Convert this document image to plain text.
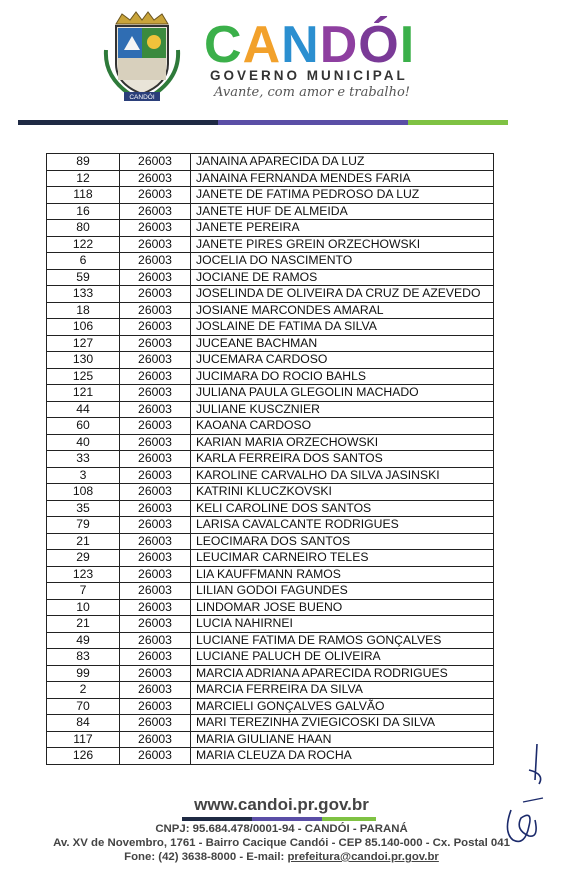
CANDÓI
CANDÓI
GOVERNO MUNICIPAL
Avante, com amor e trabalho!
89	26003	JANAINA APARECIDA DA LUZ
12	26003	JANAINA FERNANDA MENDES FARIA
118	26003	JANETE DE FATIMA PEDROSO DA LUZ
16	26003	JANETE HUF DE ALMEIDA
80	26003	JANETE PEREIRA
122	26003	JANETE PIRES GREIN ORZECHOWSKI
6	26003	JOCELIA DO NASCIMENTO
59	26003	JOCIANE DE RAMOS
133	26003	JOSELINDA DE OLIVEIRA DA CRUZ DE AZEVEDO
18	26003	JOSIANE MARCONDES AMARAL
106	26003	JOSLAINE DE FATIMA DA SILVA
127	26003	JUCEANE BACHMAN
130	26003	JUCEMARA CARDOSO
125	26003	JUCIMARA DO ROCIO BAHLS
121	26003	JULIANA PAULA GLEGOLIN MACHADO
44	26003	JULIANE KUSCZNIER
60	26003	KAOANA CARDOSO
40	26003	KARIAN MARIA ORZECHOWSKI
33	26003	KARLA FERREIRA DOS SANTOS
3	26003	KAROLINE CARVALHO DA SILVA JASINSKI
108	26003	KATRINI KLUCZKOVSKI
35	26003	KELI CAROLINE DOS SANTOS
79	26003	LARISA CAVALCANTE RODRIGUES
21	26003	LEOCIMARA DOS SANTOS
29	26003	LEUCIMAR CARNEIRO TELES
123	26003	LIA KAUFFMANN RAMOS
7	26003	LILIAN GODOI FAGUNDES
10	26003	LINDOMAR JOSE BUENO
21	26003	LUCIA NAHIRNEI
49	26003	LUCIANE FATIMA DE RAMOS GONÇALVES
83	26003	LUCIANE PALUCH DE OLIVEIRA
99	26003	MARCIA ADRIANA APARECIDA RODRIGUES
2	26003	MARCIA FERREIRA DA SILVA
70	26003	MARCIELI GONÇALVES GALVÃO
84	26003	MARI TEREZINHA ZVIEGICOSKI DA SILVA
117	26003	MARIA GIULIANE HAAN
126	26003	MARIA CLEUZA DA ROCHA
www.candoi.pr.gov.br
CNPJ: 95.684.478/0001-94 - CANDÓI - PARANÁ
Av. XV de Novembro, 1761 - Bairro Cacique Candói - CEP 85.140-000 - Cx. Postal 041
Fone: (42) 3638-8000 - E-mail: prefeitura@candoi.pr.gov.br
